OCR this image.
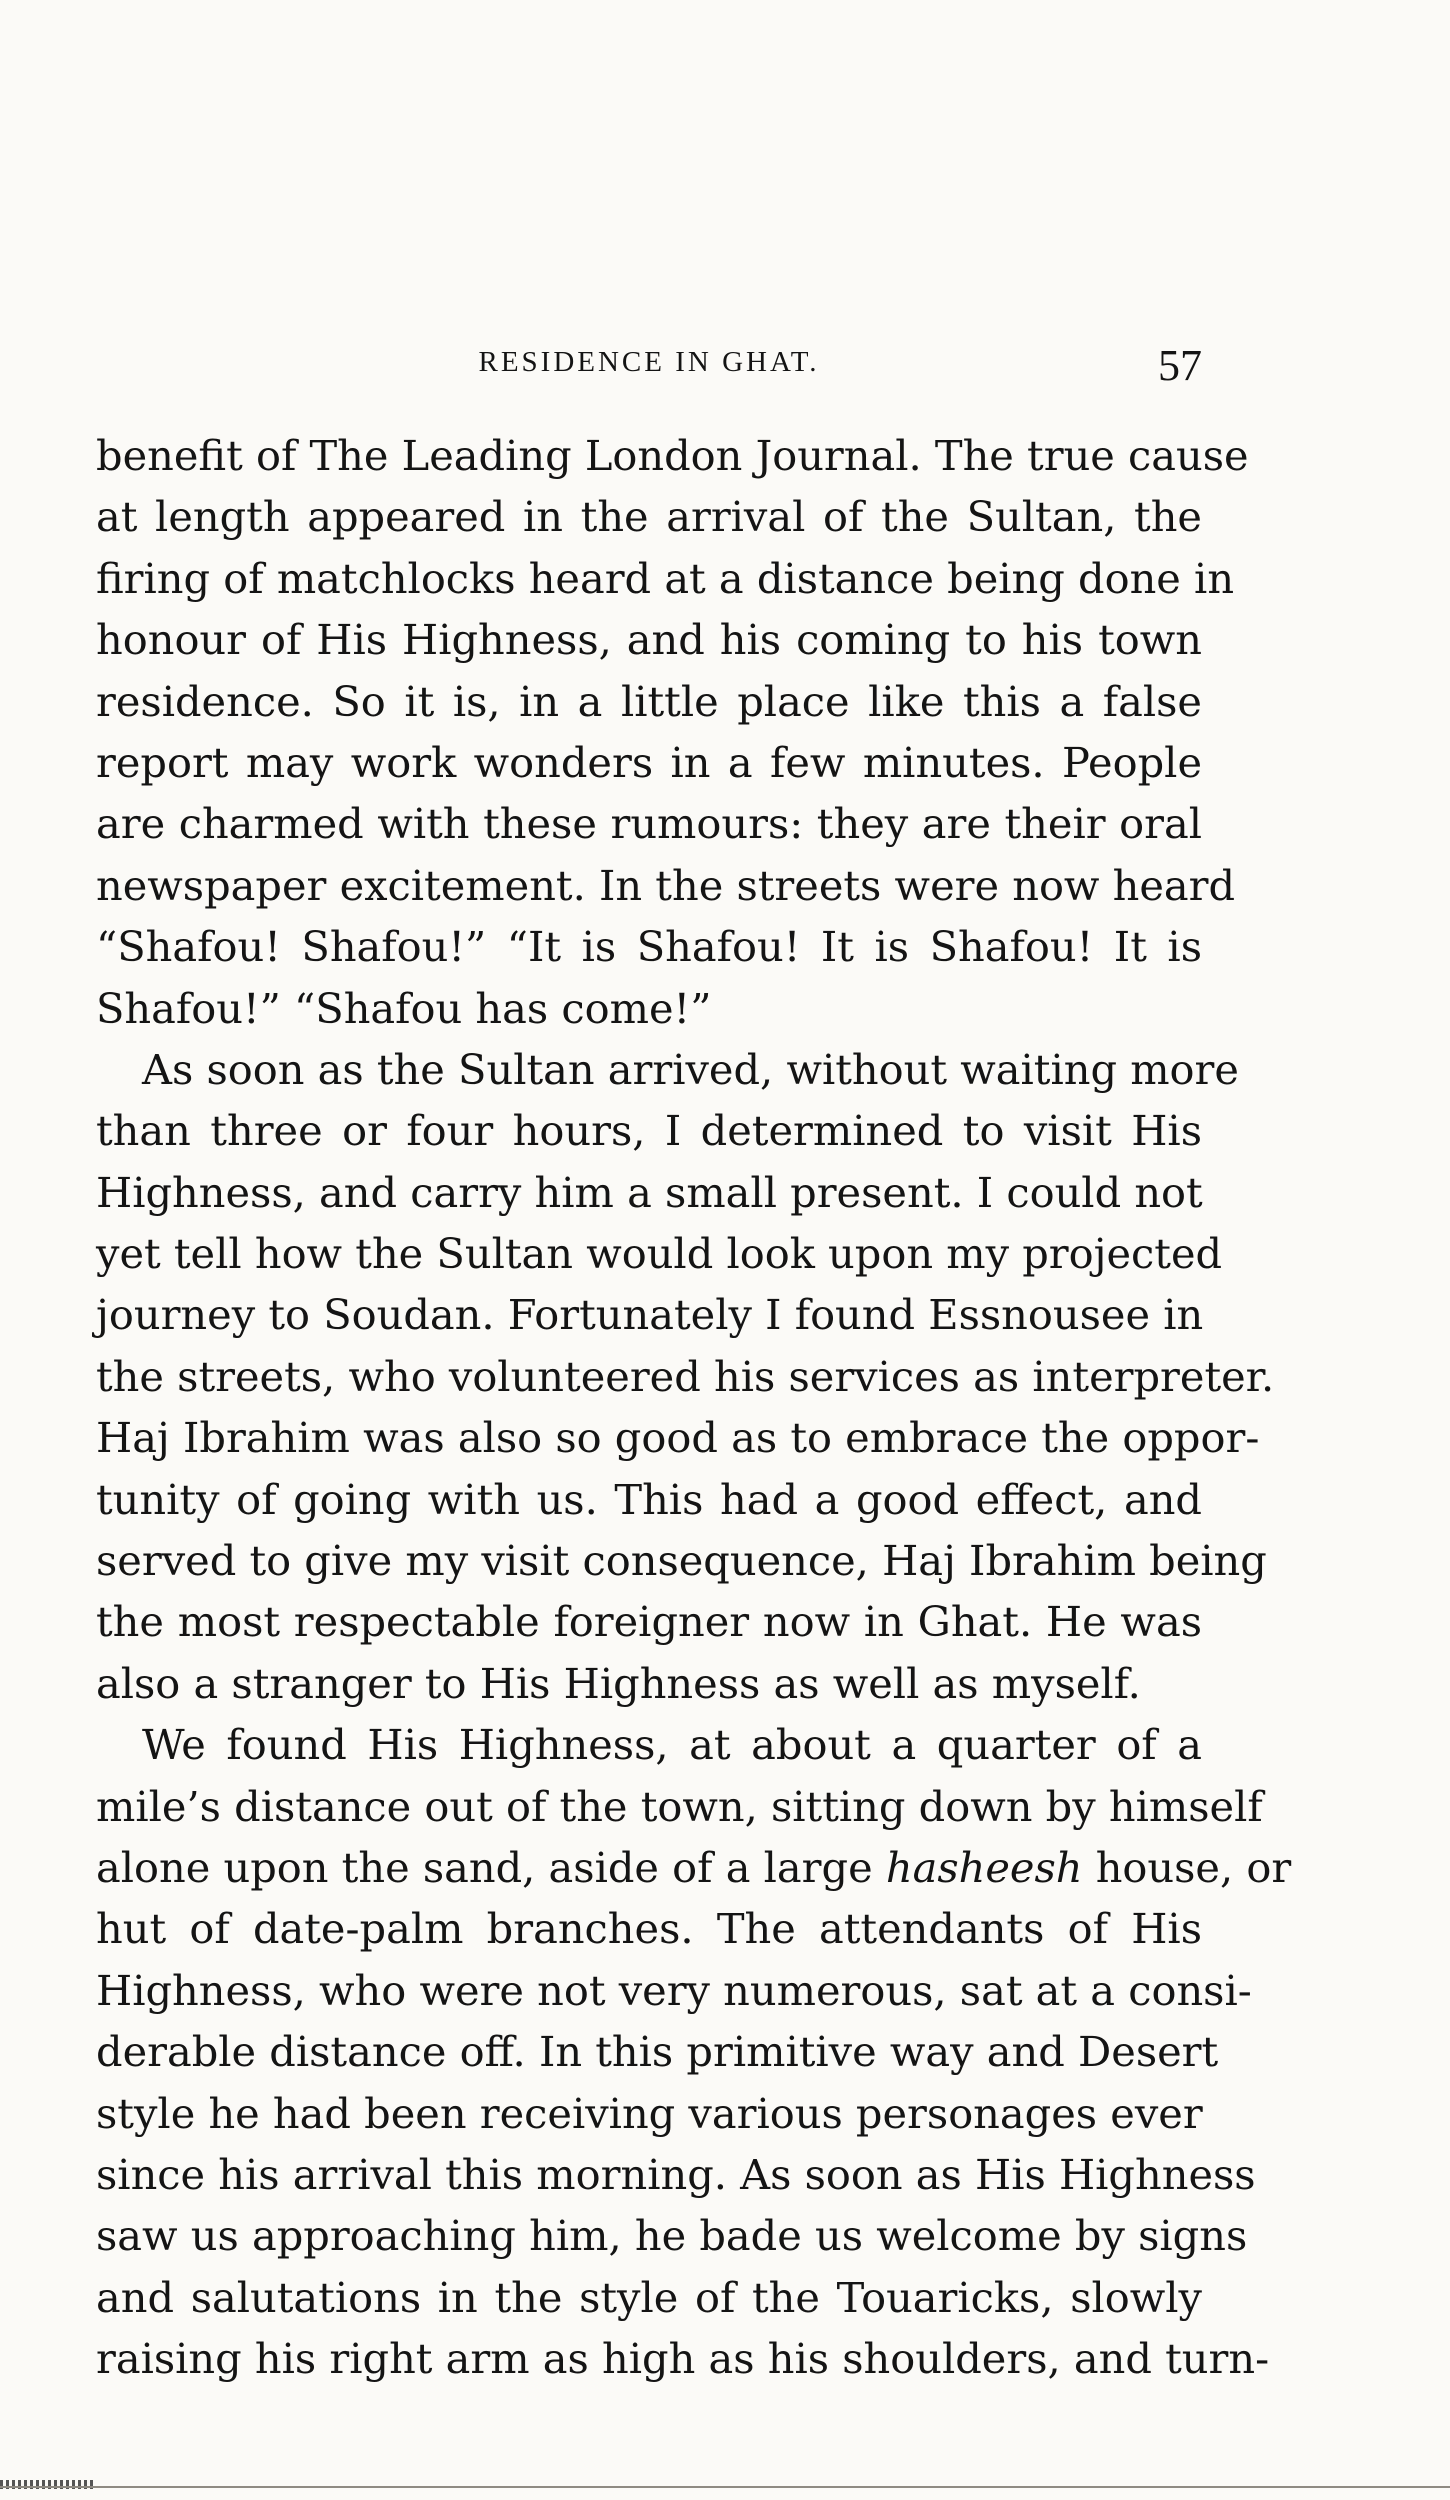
RESIDENCE IN GHAT.	57
benefit of The Leading London Journal. The true cause
at length appeared in the arrival of the Sultan, the
firing of matchlocks heard at a distance being done in
honour of His Highness, and his coming to his town
residence. So it is, in a little place like this a false
report may work wonders in a few minutes. People
are charmed with these rumours: they are their oral
newspaper excitement. In the streets were now heard
“Shafou! Shafou!” “It is Shafou! It is Shafou! It is
Shafou!” “Shafou has come!”
As soon as the Sultan arrived, without waiting more
than three or four hours, I determined to visit His
Highness, and carry him a small present. I could not
yet tell how the Sultan would look upon my projected
journey to Soudan. Fortunately I found Essnousee in
the streets, who volunteered his services as interpreter.
Haj Ibrahim was also so good as to embrace the oppor-
tunity of going with us. This had a good effect, and
served to give my visit consequence, Haj Ibrahim being
the most respectable foreigner now in Ghat. He was
also a stranger to His Highness as well as myself.
We found His Highness, at about a quarter of a
mile’s distance out of the town, sitting down by himself
alone upon the sand, aside of a large hasheesh house, or
hut of date-palm branches. The attendants of His
Highness, who were not very numerous, sat at a consi-
derable distance off. In this primitive way and Desert
style he had been receiving various personages ever
since his arrival this morning. As soon as His Highness
saw us approaching him, he bade us welcome by signs
and salutations in the style of the Touaricks, slowly
raising his right arm as high as his shoulders, and turn-
